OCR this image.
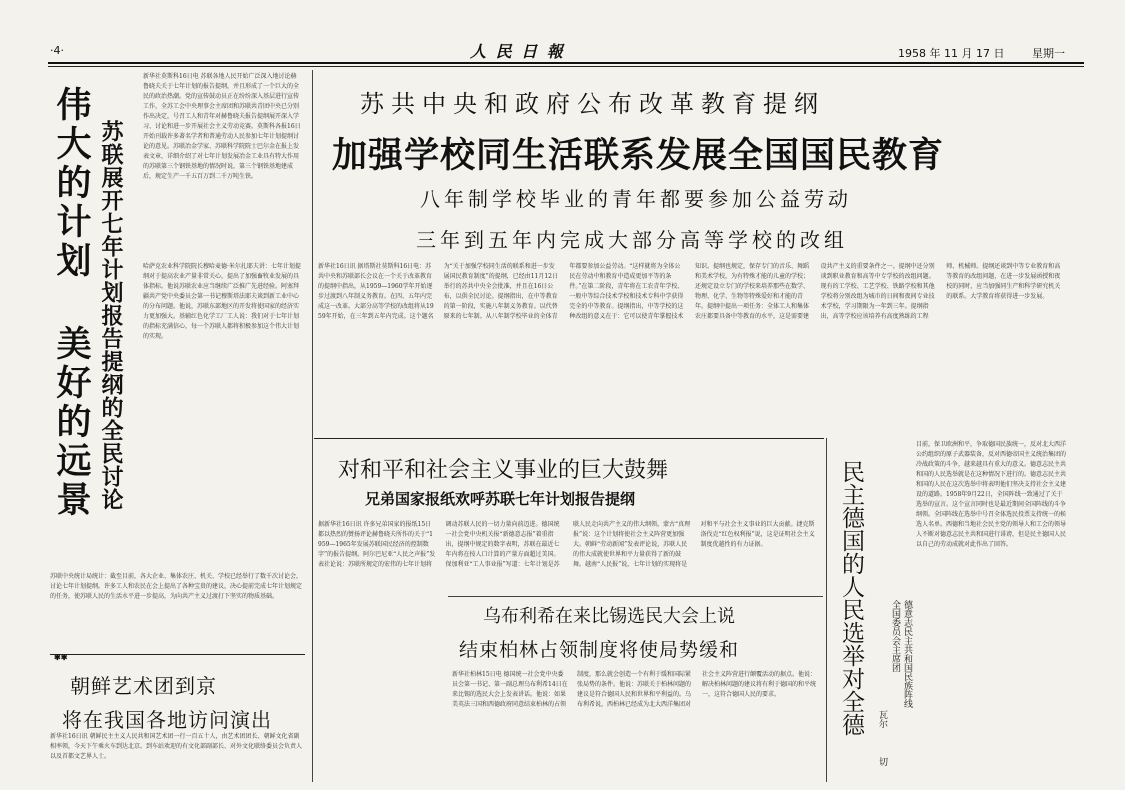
·4·	人 民 日 報	1958 年 11 月 17 日	星期一
伟大的计划 美好的远景 苏联展开七年计划报告提纲的全民讨论
新华社莫斯科16日电 苏联各地人民开始广泛深入地讨论赫鲁晓夫关于七年计划的报告提纲，并且形成了一个巨大的全民的政治热潮。党的宣传鼓动员正在纷纷深入基层进行宣传工作，全苏工会中央理事会主席团和苏联共青团中央已分别作出决定，号召工人和青年对赫鲁晓夫报告提纲展开深入学习、讨论和进一步开展社会主义劳动竞赛。莫斯科各报16日开始刊载许多著名学者和普通劳动人民参加七年计划提纲讨论的意见。苏联冶金学家、苏联科学院院士巴尔金在报上发表文章，详细介绍了对七年计划发展冶金工业具有特大作用的苏联第三个钢铁基地的情况时说，第三个钢铁基地建成后，规定生产一千五百万到二千万吨生铁。
哈萨克农业科学院院长穆哈麦德·米尔扎耶夫讲：七年计划提纲对于提高农业产量非常关心，提出了加强畜牧业发展的具体指标。他说苏联农业应当继续广泛推广先进经验。阿塞拜疆共产党中央委员会第一书记穆斯塔法耶夫谈到新工业中心的分布问题。他说，苏联东部地区的开发将使国家的经济实力更加强大。基辅红色化学工厂工人说：我们对于七年计划的指标充满信心，每一个苏联人都将积极参加这个伟大计划的实现。
苏联中央统计局统计：截至目前，各大企业、集体农庄、机关、学校已经举行了数千次讨论会，讨论七年计划提纲。许多工人和农民在会上提出了各种宝贵的建议，决心提前完成七年计划规定的任务，使苏联人民的生活水平进一步提高，为向共产主义过渡打下坚实的物质基础。
✱✱
朝鲜艺术团到京
将在我国各地访问演出
新华社16日讯 朝鲜民主主义人民共和国艺术团一行一百五十人，由艺术团团长、朝鲜文化省副相率领，今天下午乘火车到达北京。到车站欢迎的有文化部副部长、对外文化联络委员会负责人以及首都文艺界人士。
苏共中央和政府公布改革教育提纲
加强学校同生活联系发展全国国民教育
八年制学校毕业的青年都要参加公益劳动
三年到五年内完成大部分高等学校的改组
新华社16日讯 据塔斯社莫斯科16日电：苏共中央和苏联部长会议在一个关于改革教育的提纲中指出，从1959—1960学年开始逐步过渡到八年制义务教育。在四、五年内完成这一改革。大部分高等学校的改组将从1959年开始，在三年到五年内完成。这个题名为“关于加强学校同生活的联系和进一步发展国民教育制度”的提纲，已经由11月12日举行的苏共中央全会批准，并且在16日公布，以供全民讨论。提纲指出，在中等教育的第一阶段，实施八年制义务教育。以代替原来的七年制。从八年制学校毕业的全体青年都要参加公益劳动。“这样就将为全体公民在劳动中和教育中造成更加平等的条件。”在第二阶段，青年将在工农青年学校、一般中等综合技术学校和技术专科中学获得完全的中等教育。提纲指出，中等学校的这种改组的意义在于：它可以使青年掌握技术知识。提纲也规定，保存专门的音乐、舞蹈和美术学校，为有特殊才能的儿童的学校；还规定设立专门的学校来培养那些在数学、物理、化学、生物等特殊爱好和才能的青年。提纲中提出一项任务：全体工人和集体农庄都要具备中等教育的水平，这是需要建设共产主义的重要条件之一。提纲中还分别谈到职业教育和高等中专学校的改组问题。现有的工学校、工艺学校、铁路学校和其他学校将分别改组为城市的日间和夜间专业技术学校，学习期限为一年到三年。提纲指出，高等学校应该培养有高度熟练的工程师、机械师。提纲还谈到中等专业教育和高等教育的改组问题，在进一步发展函授和夜校的同时，应当加强同生产和科学研究机关的联系。大学教育将获得进一步发展。
对和平和社会主义事业的巨大鼓舞
兄弟国家报纸欢呼苏联七年计划报告提纲
据新华社16日讯 许多兄弟国家的报纸15日都以热烈的赞扬评论赫鲁晓夫所作的关于“1959—1965年发展苏联国民经济的控制数字”的报告提纲。阿尔巴尼亚“人民之声报”发表社论说：苏联所规定的宏伟的七年计划将调动苏联人民的一切力量向前迈进。德国统一社会党中央机关报“新德意志报”着重指出，提纲中规定的数字表明，苏联在最近七年内将在按人口计算的产量方面超过美国。保加利亚“工人事业报”写道：七年计划是苏联人民走向共产主义的伟大纲领。蒙古“真理报”说：这个计划将使社会主义阵营更加强大。朝鲜“劳动新闻”发表评论说，苏联人民的伟大成就使世界和平力量获得了新的鼓舞。越南“人民报”说，七年计划的实现将是对和平与社会主义事业的巨大贡献。捷克斯洛伐克“红色权利报”说，这是证明社会主义制度优越性的有力证据。
乌布利希在来比锡选民大会上说
结束柏林占领制度将使局势缓和
新华社柏林15日电 德国统一社会党中央委员会第一书记、第一副总理乌布利希14日在来比锡的选民大会上发表讲话。他说：如果美英法三国和西德政府同意结束柏林的占领制度，那么就会创造一个有利于缓和国际紧张局势的条件。他说：苏联关于柏林问题的建议是符合德国人民和世界和平利益的。乌布利希说，西柏林已经成为北大西洋集团对社会主义阵营进行颠覆活动的据点。他说：解决柏林问题的建议将有利于德国的和平统一，这符合德国人民的要求。	民主德国的人民选举对全德	德意志民主共和国民族阵线
全国委员会主席团
瓦尔
切
目前，保卫欧洲和平，争取德国民族统一，反对北大西洋公约组织的原子武器装备，反对西德帝国主义统治集团的冷战政策的斗争，越来越具有重大的意义。德意志民主共和国的人民选举就是在这种情况下进行的。德意志民主共和国的人民在这次选举中将表明他们坚决支持社会主义建设的道路。1958年9月22日，全国阵线一致通过了关于选举的宣言。这个宣言同时也是最近期间全国阵线的斗争纲领。全国阵线在选举中号召全体选民投票支持统一的候选人名单。西德和当地社会民主党的领导人和工会的领导人不断对德意志民主共和国进行诽谤，但是民主德国人民以自己的劳动成就对此作出了回答。
